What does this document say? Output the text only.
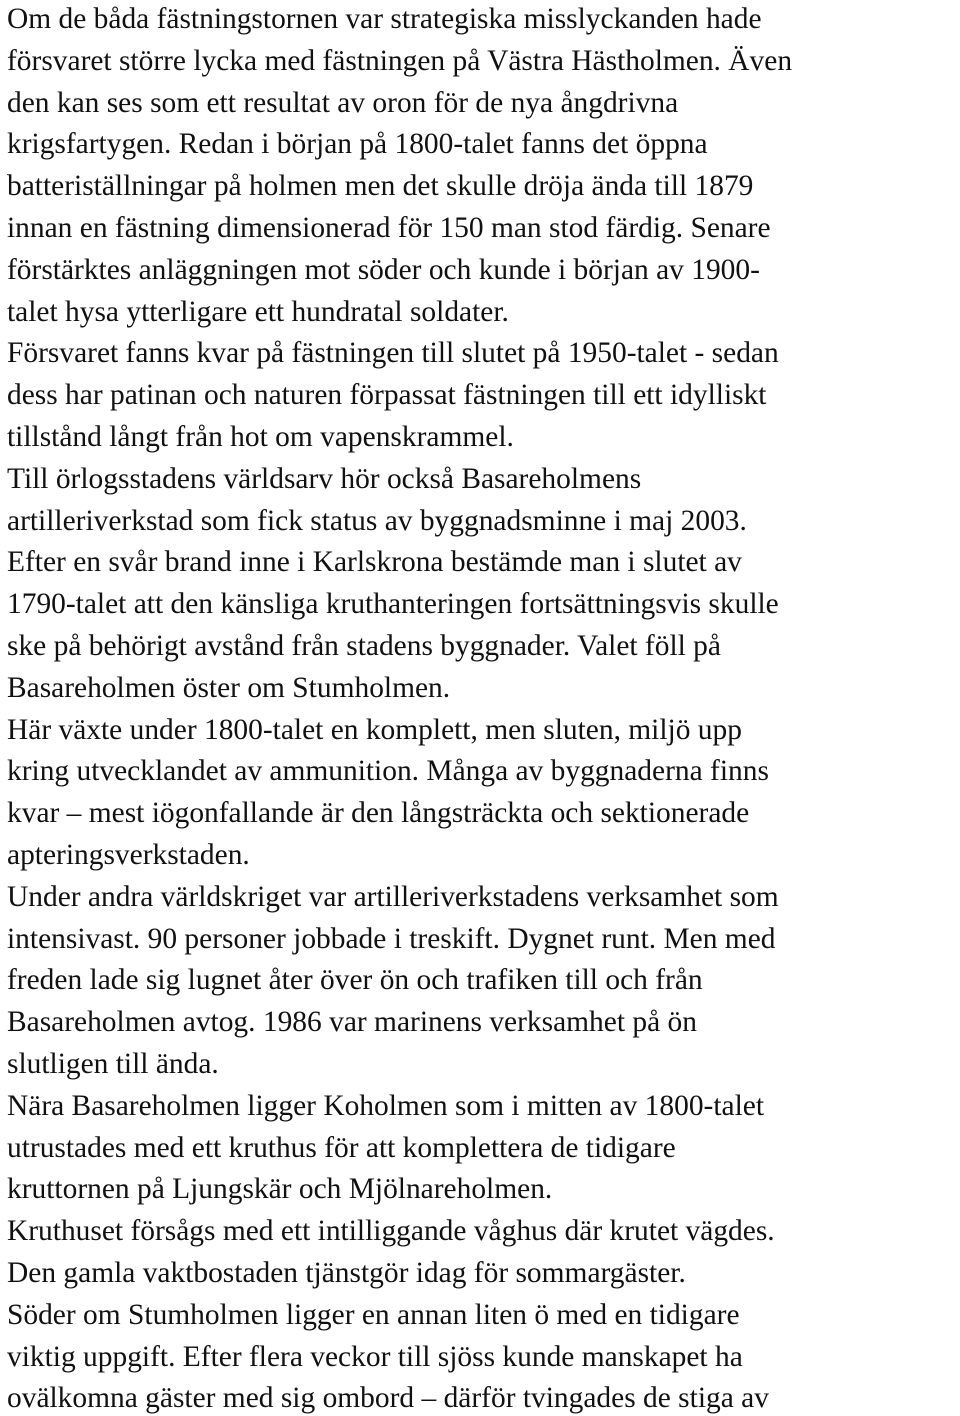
Om de båda fästningstornen var strategiska misslyckanden hade
försvaret större lycka med fästningen på Västra Hästholmen. Även
den kan ses som ett resultat av oron för de nya ångdrivna
krigsfartygen. Redan i början på 1800-talet fanns det öppna
batteriställningar på holmen men det skulle dröja ända till 1879
innan en fästning dimensionerad för 150 man stod färdig. Senare
förstärktes anläggningen mot söder och kunde i början av 1900-
talet hysa ytterligare ett hundratal soldater.
Försvaret fanns kvar på fästningen till slutet på 1950-talet - sedan
dess har patinan och naturen förpassat fästningen till ett idylliskt
tillstånd långt från hot om vapenskrammel.
Till örlogsstadens världsarv hör också Basareholmens
artilleriverkstad som fick status av byggnadsminne i maj 2003.
Efter en svår brand inne i Karlskrona bestämde man i slutet av
1790-talet att den känsliga kruthanteringen fortsättningsvis skulle
ske på behörigt avstånd från stadens byggnader. Valet föll på
Basareholmen öster om Stumholmen.
Här växte under 1800-talet en komplett, men sluten, miljö upp
kring utvecklandet av ammunition. Många av byggnaderna finns
kvar – mest iögonfallande är den långsträckta och sektionerade
apteringsverkstaden.
Under andra världskriget var artilleriverkstadens verksamhet som
intensivast. 90 personer jobbade i treskift. Dygnet runt. Men med
freden lade sig lugnet åter över ön och trafiken till och från
Basareholmen avtog. 1986 var marinens verksamhet på ön
slutligen till ända.
Nära Basareholmen ligger Koholmen som i mitten av 1800-talet
utrustades med ett kruthus för att komplettera de tidigare
kruttornen på Ljungskär och Mjölnareholmen.
Kruthuset försågs med ett intilliggande våghus där krutet vägdes.
Den gamla vaktbostaden tjänstgör idag för sommargäster.
Söder om Stumholmen ligger en annan liten ö med en tidigare
viktig uppgift. Efter flera veckor till sjöss kunde manskapet ha
ovälkomna gäster med sig ombord – därför tvingades de stiga av
